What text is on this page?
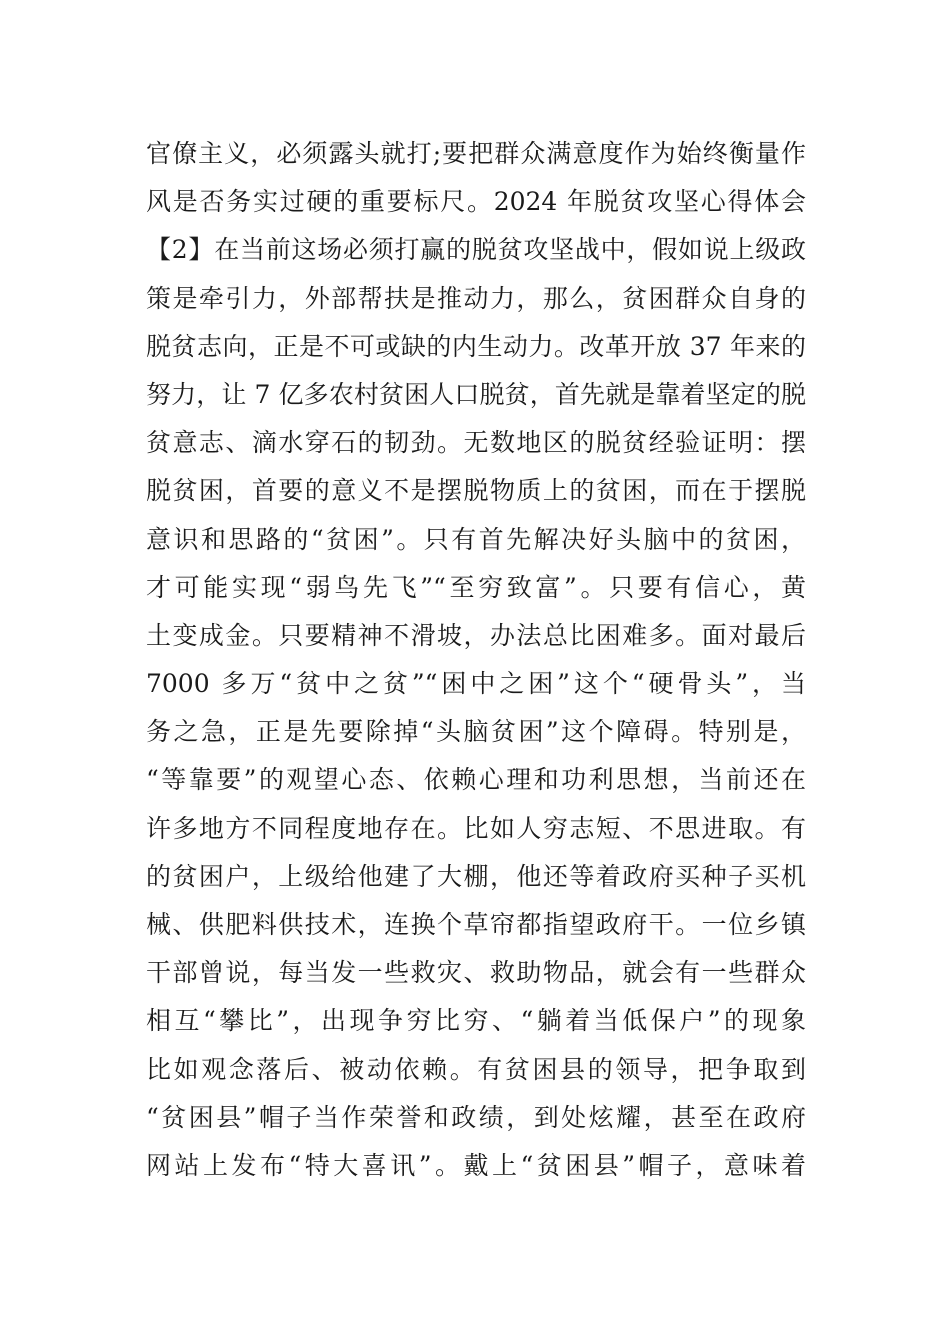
官僚主义，必须露头就打;要把群众满意度作为始终衡量作
风是否务实过硬的重要标尺。2024 年脱贫攻坚心得体会
【2】在当前这场必须打赢的脱贫攻坚战中，假如说上级政
策是牵引力，外部帮扶是推动力，那么，贫困群众自身的
脱贫志向，正是不可或缺的内生动力。改革开放 37 年来的
努力，让 7 亿多农村贫困人口脱贫，首先就是靠着坚定的脱
贫意志、滴水穿石的韧劲。无数地区的脱贫经验证明：摆
脱贫困，首要的意义不是摆脱物质上的贫困，而在于摆脱
意识和思路的“贫困”。只有首先解决好头脑中的贫困，
才可能实现“弱鸟先飞”“至穷致富”。只要有信心，黄
土变成金。只要精神不滑坡，办法总比困难多。面对最后
7000 多万“贫中之贫”“困中之困”这个“硬骨头”，当
务之急，正是先要除掉“头脑贫困”这个障碍。特别是，
“等靠要”的观望心态、依赖心理和功利思想，当前还在
许多地方不同程度地存在。比如人穷志短、不思进取。有
的贫困户，上级给他建了大棚，他还等着政府买种子买机
械、供肥料供技术，连换个草帘都指望政府干。一位乡镇
干部曾说，每当发一些救灾、救助物品，就会有一些群众
相互“攀比”，出现争穷比穷、“躺着当低保户”的现象
比如观念落后、被动依赖。有贫困县的领导，把争取到
“贫困县”帽子当作荣誉和政绩，到处炫耀，甚至在政府
网站上发布“特大喜讯”。戴上“贫困县”帽子，意味着
